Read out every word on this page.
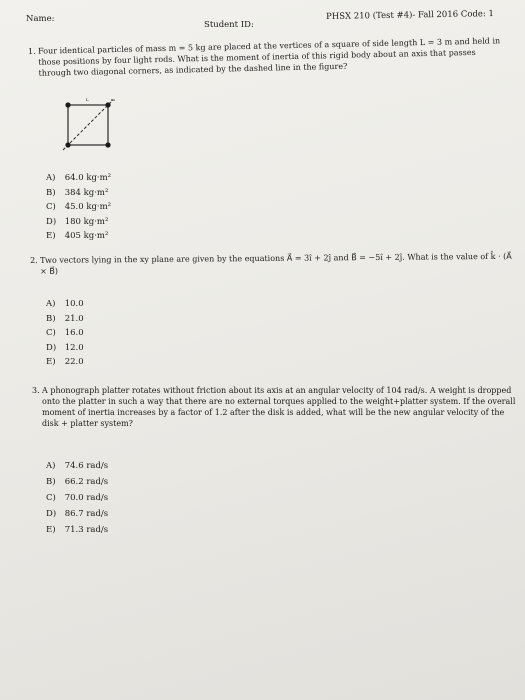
Name:
Student ID:
PHSX 210 (Test #4)- Fall 2016 Code: 1
1. Four identical particles of mass m = 5 kg are placed at the vertices of a square of side length L = 3 m and held in those positions by four light rods. What is the moment of inertia of this rigid body about an axis that passes through two diagonal corners, as indicated by the dashed line in the figure?
m
L
A) 64.0 kg·m²
B) 384 kg·m²
C) 45.0 kg·m²
D) 180 kg·m²
E) 405 kg·m²
2. Two vectors lying in the xy plane are given by the equations A⃗ = 3î + 2ĵ and B⃗ = −5î + 2ĵ. What is the value of k̂ · (A⃗ × B⃗)
A) 10.0
B) 21.0
C) 16.0
D) 12.0
E) 22.0
3. A phonograph platter rotates without friction about its axis at an angular velocity of 104 rad/s. A weight is dropped onto the platter in such a way that there are no external torques applied to the weight+platter system. If the overall moment of inertia increases by a factor of 1.2 after the disk is added, what will be the new angular velocity of the disk + platter system?
A) 74.6 rad/s
B) 66.2 rad/s
C) 70.0 rad/s
D) 86.7 rad/s
E) 71.3 rad/s
